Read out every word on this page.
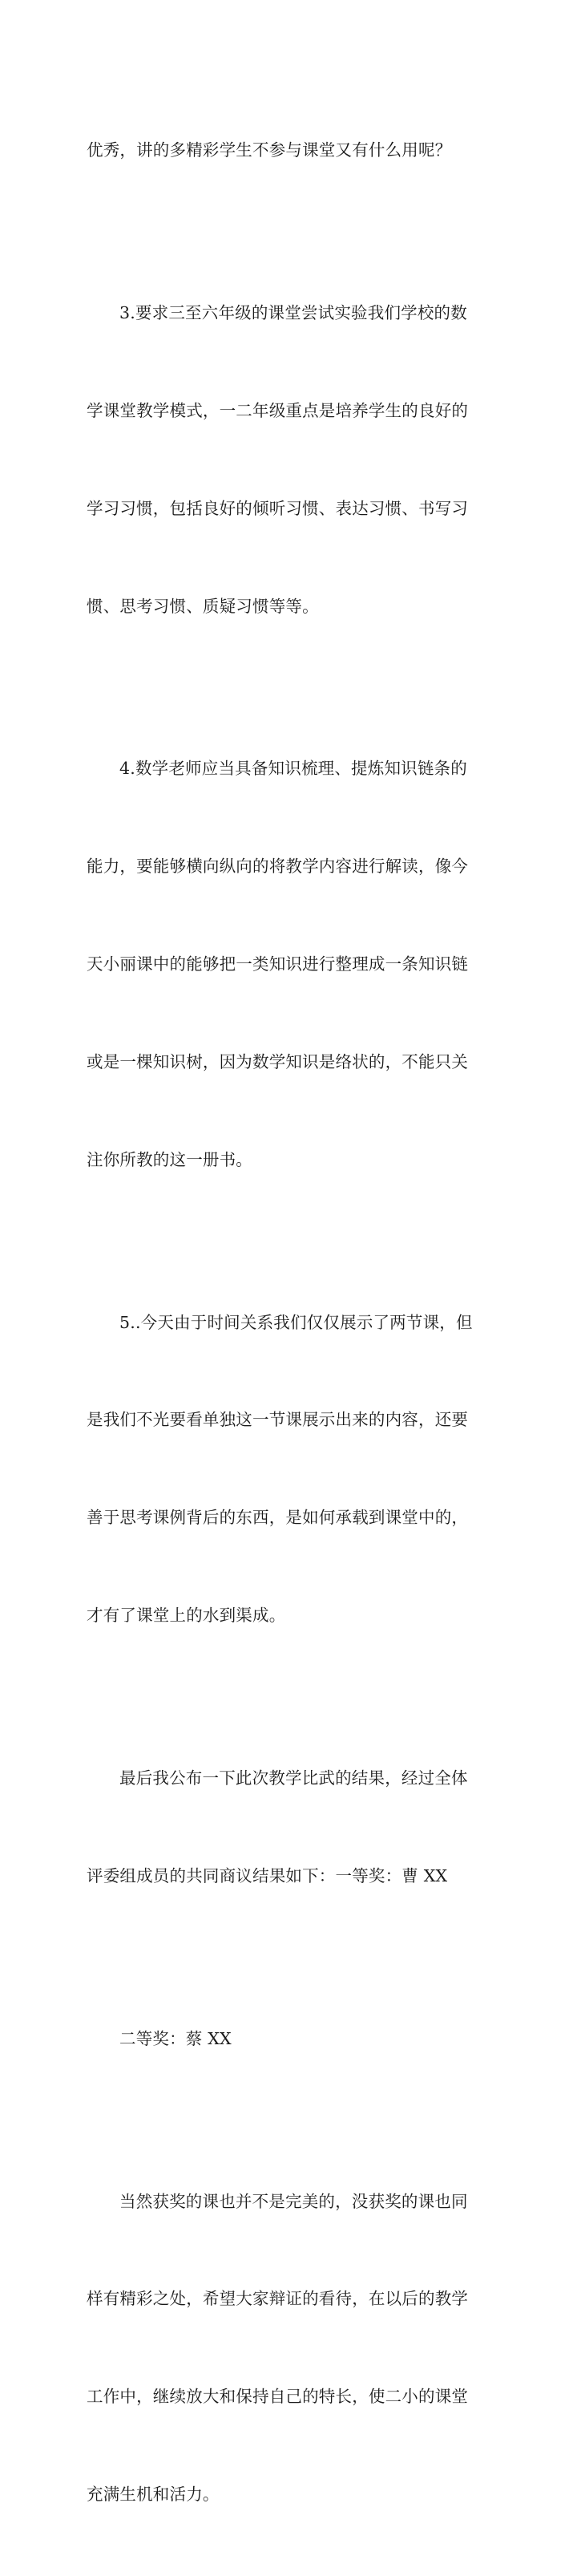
优秀，讲的多精彩学生不参与课堂又有什么用呢？

3.要求三至六年级的课堂尝试实验我们学校的数

学课堂教学模式，一二年级重点是培养学生的良好的

学习习惯，包括良好的倾听习惯、表达习惯、书写习

惯、思考习惯、质疑习惯等等。

4.数学老师应当具备知识梳理、提炼知识链条的

能力，要能够横向纵向的将教学内容进行解读，像今

天小丽课中的能够把一类知识进行整理成一条知识链

或是一棵知识树，因为数学知识是络状的，不能只关

注你所教的这一册书。

5..今天由于时间关系我们仅仅展示了两节课，但

是我们不光要看单独这一节课展示出来的内容，还要

善于思考课例背后的东西，是如何承载到课堂中的，

才有了课堂上的水到渠成。

最后我公布一下此次教学比武的结果，经过全体

评委组成员的共同商议结果如下：一等奖：曹 XX

二等奖：蔡 XX

当然获奖的课也并不是完美的，没获奖的课也同

样有精彩之处，希望大家辩证的看待，在以后的教学

工作中，继续放大和保持自己的特长，使二小的课堂

充满生机和活力。
